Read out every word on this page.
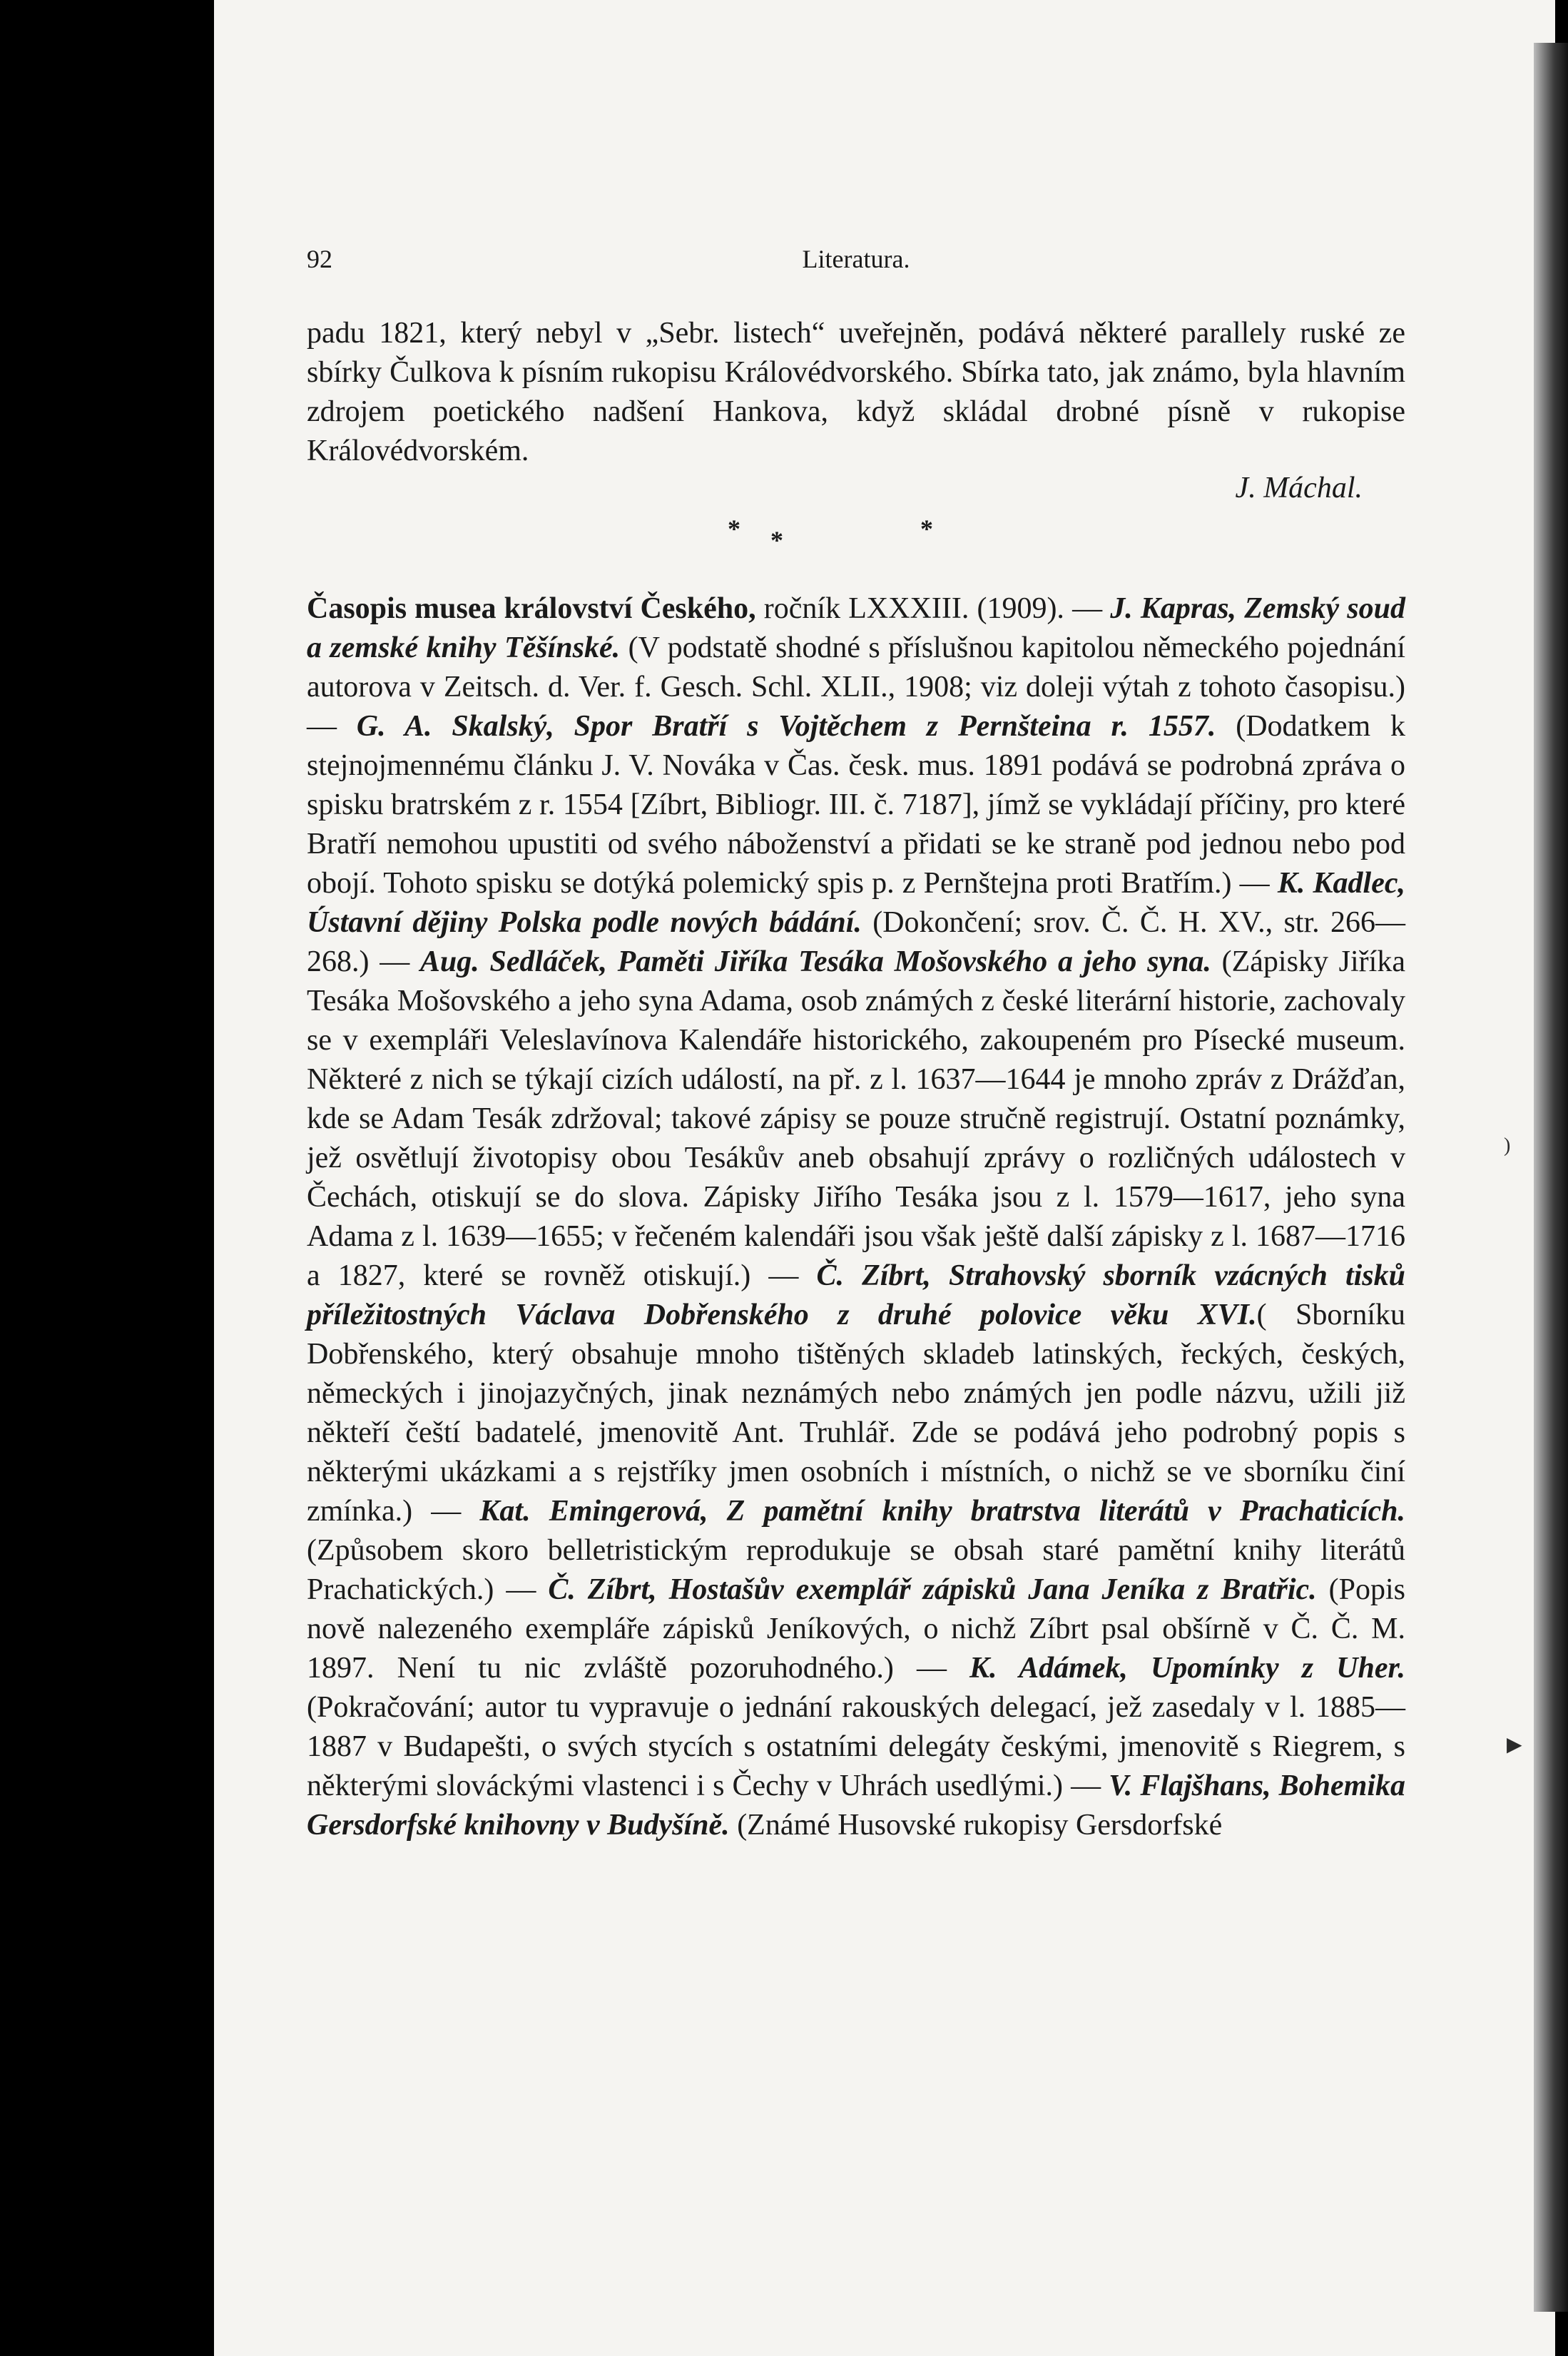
92	Literatura.
padu 1821, který nebyl v „Sebr. listech“ uveřejněn, podává některé parallely ruské ze sbírky Čulkova k písním rukopisu Královédvorského. Sbírka tato, jak známo, byla hlavním zdrojem poetického nadšení Hankova, když skládal drobné písně v rukopise Královédvorském.
J. Máchal.
* *	*
Časopis musea království Českého, ročník LXXXIII. (1909). — J. Kapras, Zemský soud a zemské knihy Těšínské. (V podstatě shodné s příslušnou kapitolou německého pojednání autorova v Zeitsch. d. Ver. f. Gesch. Schl. XLII., 1908; viz doleji výtah z tohoto časopisu.) — G. A. Skalský, Spor Bratří s Vojtěchem z Pernšteina r. 1557. (Dodatkem k stejnojmennému článku J. V. Nováka v Čas. česk. mus. 1891 podává se podrobná zpráva o spisku bratrském z r. 1554 [Zíbrt, Bibliogr. III. č. 7187], jímž se vykládají příčiny, pro které Bratří nemohou upustiti od svého náboženství a přidati se ke straně pod jednou nebo pod obojí. Tohoto spisku se dotýká polemický spis p. z Pernštejna proti Bratřím.) — K. Kadlec, Ústavní dějiny Polska podle nových bádání. (Dokončení; srov. Č. Č. H. XV., str. 266—268.) — Aug. Sedláček, Paměti Jiříka Tesáka Mošovského a jeho syna. (Zápisky Jiříka Tesáka Mošovského a jeho syna Adama, osob známých z české literární historie, zachovaly se v exempláři Veleslavínova Kalendáře historického, zakoupeném pro Písecké museum. Některé z nich se týkají cizích událostí, na př. z l. 1637—1644 je mnoho zpráv z Drážďan, kde se Adam Tesák zdržoval; takové zápisy se pouze stručně registrují. Ostatní poznámky, jež osvětlují životopisy obou Tesákův aneb obsahují zprávy o rozličných událostech v Čechách, otiskují se do slova. Zápisky Jiřího Tesáka jsou z l. 1579—1617, jeho syna Adama z l. 1639—1655; v řečeném kalendáři jsou však ještě další zápisky z l. 1687—1716 a 1827, které se rovněž otiskují.) — Č. Zíbrt, Strahovský sborník vzácných tisků příležitostných Václava Dobřenského z druhé polovice věku XVI.( Sborníku Dobřenského, který obsahuje mnoho tištěných skladeb latinských, řeckých, českých, německých i jinojazyčných, jinak neznámých nebo známých jen podle názvu, užili již někteří čeští badatelé, jmenovitě Ant. Truhlář. Zde se podává jeho podrobný popis s některými ukázkami a s rejstříky jmen osobních i místních, o nichž se ve sborníku činí zmínka.) — Kat. Emingerová, Z pamětní knihy bratrstva literátů v Prachaticích. (Způsobem skoro belletristickým reprodukuje se obsah staré pamětní knihy literátů Prachatických.) — Č. Zíbrt, Hostašův exemplář zápisků Jana Jeníka z Bratřic. (Popis nově nalezeného exempláře zápisků Jeníkových, o nichž Zíbrt psal obšírně v Č. Č. M. 1897. Není tu nic zvláště pozoruhodného.) — K. Adámek, Upomínky z Uher. (Pokračování; autor tu vypravuje o jednání rakouských delegací, jež zasedaly v l. 1885—1887 v Budapešti, o svých stycích s ostatními delegáty českými, jmenovitě s Riegrem, s některými slováckými vlastenci i s Čechy v Uhrách usedlými.) — V. Flajšhans, Bohemika Gersdorfské knihovny v Budyšíně. (Známé Husovské rukopisy Gersdorfské
)
▶
